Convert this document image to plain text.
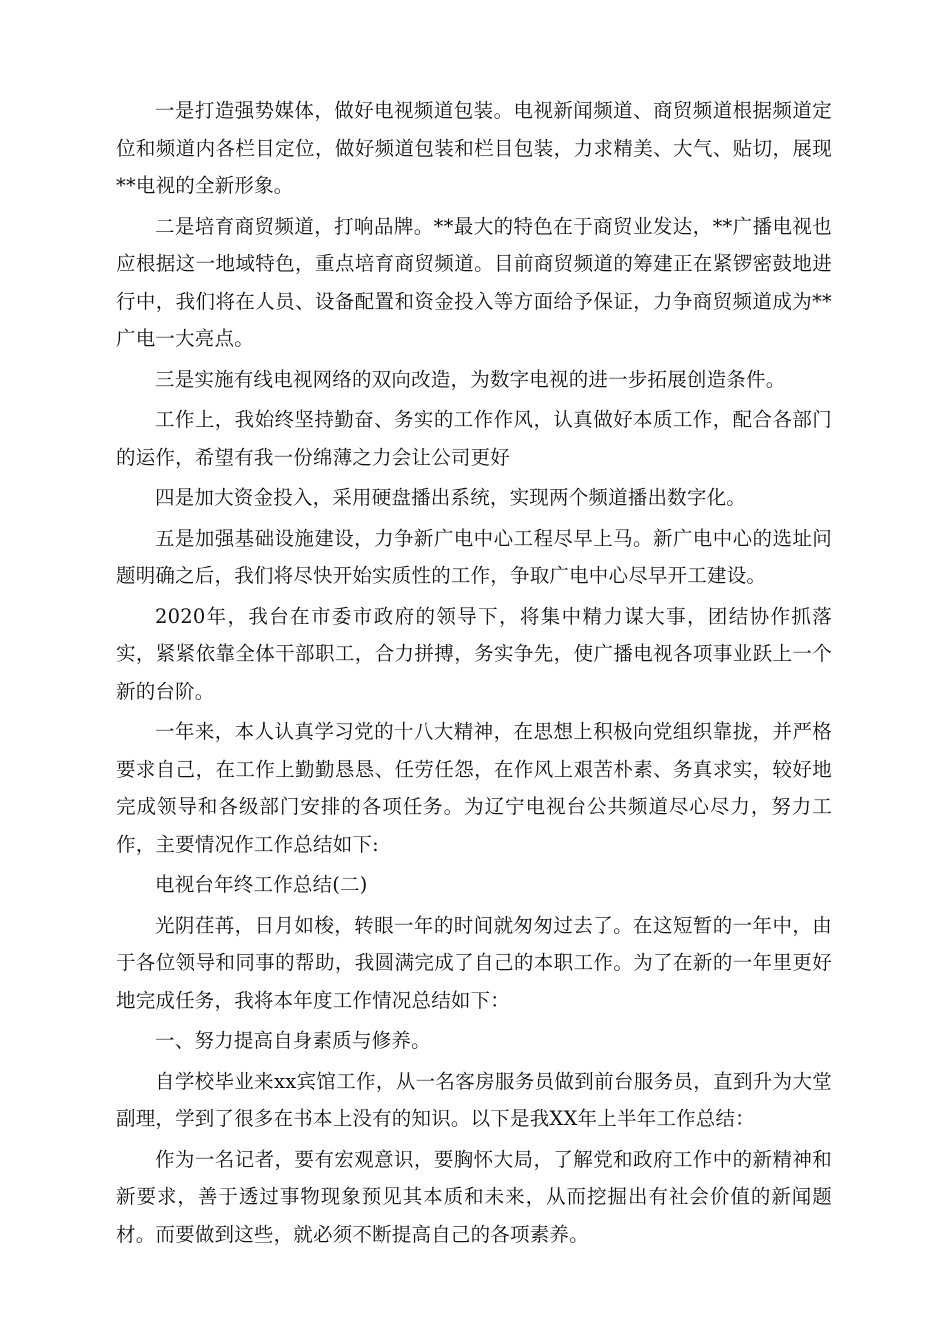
一是打造强势媒体，做好电视频道包装。电视新闻频道、商贸频道根据频道定位和频道内各栏目定位，做好频道包装和栏目包装，力求精美、大气、贴切，展现**电视的全新形象。

二是培育商贸频道，打响品牌。**最大的特色在于商贸业发达，**广播电视也应根据这一地域特色，重点培育商贸频道。目前商贸频道的筹建正在紧锣密鼓地进行中，我们将在人员、设备配置和资金投入等方面给予保证，力争商贸频道成为**广电一大亮点。

三是实施有线电视网络的双向改造，为数字电视的进一步拓展创造条件。

工作上，我始终坚持勤奋、务实的工作作风，认真做好本质工作，配合各部门的运作，希望有我一份绵薄之力会让公司更好

四是加大资金投入，采用硬盘播出系统，实现两个频道播出数字化。

五是加强基础设施建设，力争新广电中心工程尽早上马。新广电中心的选址问题明确之后，我们将尽快开始实质性的工作，争取广电中心尽早开工建设。

2020年，我台在市委市政府的领导下，将集中精力谋大事，团结协作抓落实，紧紧依靠全体干部职工，合力拼搏，务实争先，使广播电视各项事业跃上一个新的台阶。

一年来，本人认真学习党的十八大精神，在思想上积极向党组织靠拢，并严格要求自己，在工作上勤勤恳恳、任劳任怨，在作风上艰苦朴素、务真求实，较好地完成领导和各级部门安排的各项任务。为辽宁电视台公共频道尽心尽力，努力工作，主要情况作工作总结如下:

电视台年终工作总结(二)

光阴荏苒，日月如梭，转眼一年的时间就匆匆过去了。在这短暂的一年中，由于各位领导和同事的帮助，我圆满完成了自己的本职工作。为了在新的一年里更好地完成任务，我将本年度工作情况总结如下：

一、努力提高自身素质与修养。

自学校毕业来xx宾馆工作，从一名客房服务员做到前台服务员，直到升为大堂副理，学到了很多在书本上没有的知识。以下是我XX年上半年工作总结：

作为一名记者，要有宏观意识，要胸怀大局，了解党和政府工作中的新精神和新要求，善于透过事物现象预见其本质和未来，从而挖掘出有社会价值的新闻题材。而要做到这些，就必须不断提高自己的各项素养。
